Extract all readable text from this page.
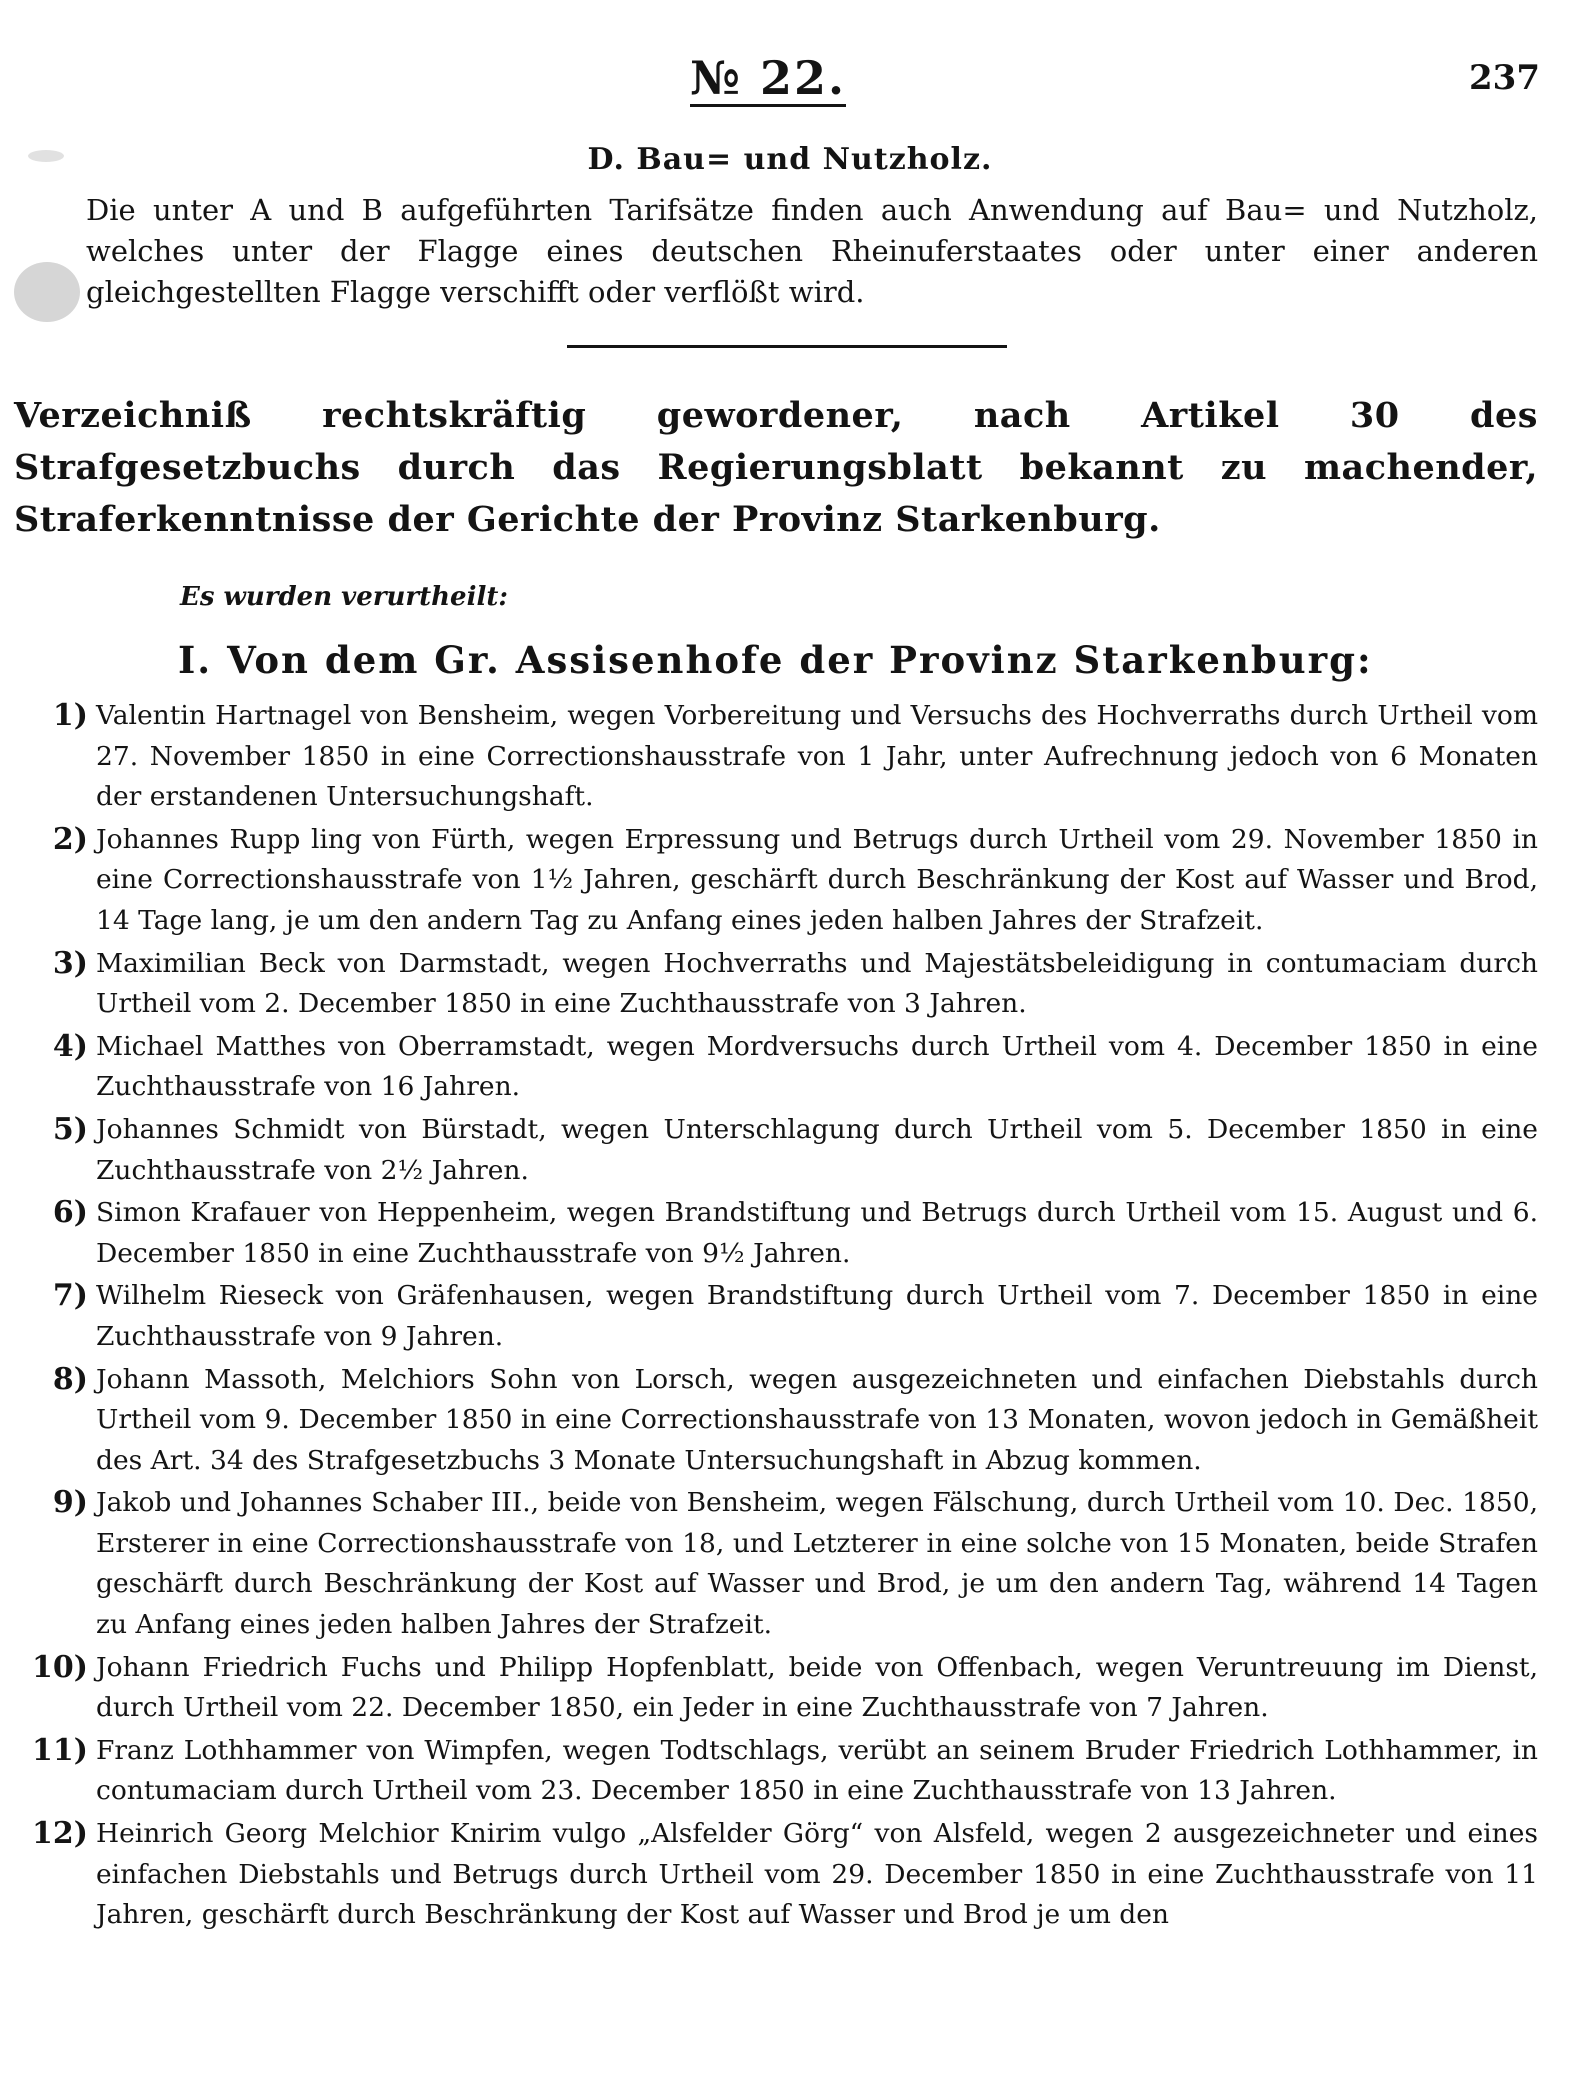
№ 22.	237
D. Bau= und Nutzholz.
Die unter A und B aufgeführten Tarifsätze finden auch Anwendung auf Bau= und Nutzholz, welches unter der Flagge eines deutschen Rheinuferstaates oder unter einer anderen gleichgestellten Flagge verschifft oder verflößt wird.
Verzeichniß rechtskräftig gewordener, nach Artikel 30 des Strafgesetzbuchs durch das Regierungsblatt bekannt zu machender, Straferkenntnisse der Gerichte der Provinz Starkenburg.
Es wurden verurtheilt:
I. Von dem Gr. Assisenhofe der Provinz Starkenburg:
1) Valentin Hartnagel von Bensheim, wegen Vorbereitung und Versuchs des Hochverraths durch Urtheil vom 27. November 1850 in eine Correctionshausstrafe von 1 Jahr, unter Aufrechnung jedoch von 6 Monaten der erstandenen Untersuchungshaft.
2) Johannes Rupp ling von Fürth, wegen Erpressung und Betrugs durch Urtheil vom 29. November 1850 in eine Correctionshausstrafe von 1½ Jahren, geschärft durch Beschränkung der Kost auf Wasser und Brod, 14 Tage lang, je um den andern Tag zu Anfang eines jeden halben Jahres der Strafzeit.
3) Maximilian Beck von Darmstadt, wegen Hochverraths und Majestätsbeleidigung in contumaciam durch Urtheil vom 2. December 1850 in eine Zuchthausstrafe von 3 Jahren.
4) Michael Matthes von Oberramstadt, wegen Mordversuchs durch Urtheil vom 4. December 1850 in eine Zuchthausstrafe von 16 Jahren.
5) Johannes Schmidt von Bürstadt, wegen Unterschlagung durch Urtheil vom 5. December 1850 in eine Zuchthausstrafe von 2½ Jahren.
6) Simon Krafauer von Heppenheim, wegen Brandstiftung und Betrugs durch Urtheil vom 15. August und 6. December 1850 in eine Zuchthausstrafe von 9½ Jahren.
7) Wilhelm Rieseck von Gräfenhausen, wegen Brandstiftung durch Urtheil vom 7. December 1850 in eine Zuchthausstrafe von 9 Jahren.
8) Johann Massoth, Melchiors Sohn von Lorsch, wegen ausgezeichneten und einfachen Diebstahls durch Urtheil vom 9. December 1850 in eine Correctionshausstrafe von 13 Monaten, wovon jedoch in Gemäßheit des Art. 34 des Strafgesetzbuchs 3 Monate Untersuchungshaft in Abzug kommen.
9) Jakob und Johannes Schaber III., beide von Bensheim, wegen Fälschung, durch Urtheil vom 10. Dec. 1850, Ersterer in eine Correctionshausstrafe von 18, und Letzterer in eine solche von 15 Monaten, beide Strafen geschärft durch Beschränkung der Kost auf Wasser und Brod, je um den andern Tag, während 14 Tagen zu Anfang eines jeden halben Jahres der Strafzeit.
10) Johann Friedrich Fuchs und Philipp Hopfenblatt, beide von Offenbach, wegen Veruntreuung im Dienst, durch Urtheil vom 22. December 1850, ein Jeder in eine Zuchthausstrafe von 7 Jahren.
11) Franz Lothhammer von Wimpfen, wegen Todtschlags, verübt an seinem Bruder Friedrich Lothhammer, in contumaciam durch Urtheil vom 23. December 1850 in eine Zuchthausstrafe von 13 Jahren.
12) Heinrich Georg Melchior Knirim vulgo „Alsfelder Görg“ von Alsfeld, wegen 2 ausgezeichneter und eines einfachen Diebstahls und Betrugs durch Urtheil vom 29. December 1850 in eine Zuchthausstrafe von 11 Jahren, geschärft durch Beschränkung der Kost auf Wasser und Brod je um den
